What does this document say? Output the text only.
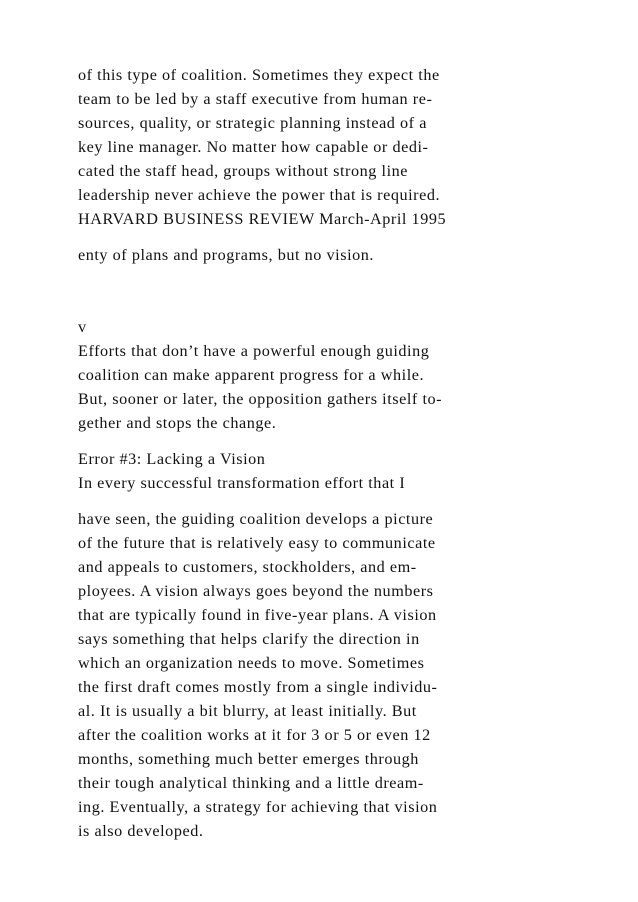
of this type of coalition. Sometimes they expect the

team to be led by a staff executive from human re-

sources, quality, or strategic planning instead of a

key line manager. No matter how capable or dedi-

cated the staff head, groups without strong line

leadership never achieve the power that is required.

HARVARD BUSINESS REVIEW March-April 1995

enty of plans and programs, but no vision.

v

Efforts that don’t have a powerful enough guiding

coalition can make apparent progress for a while.

But, sooner or later, the opposition gathers itself to-

gether and stops the change.

Error #3: Lacking a Vision

In every successful transformation effort that I

have seen, the guiding coalition develops a picture

of the future that is relatively easy to communicate

and appeals to customers, stockholders, and em-

ployees. A vision always goes beyond the numbers

that are typically found in five-year plans. A vision

says something that helps clarify the direction in

which an organization needs to move. Sometimes

the first draft comes mostly from a single individu-

al. It is usually a bit blurry, at least initially. But

after the coalition works at it for 3 or 5 or even 12

months, something much better emerges through

their tough analytical thinking and a little dream-

ing. Eventually, a strategy for achieving that vision

is also developed.
